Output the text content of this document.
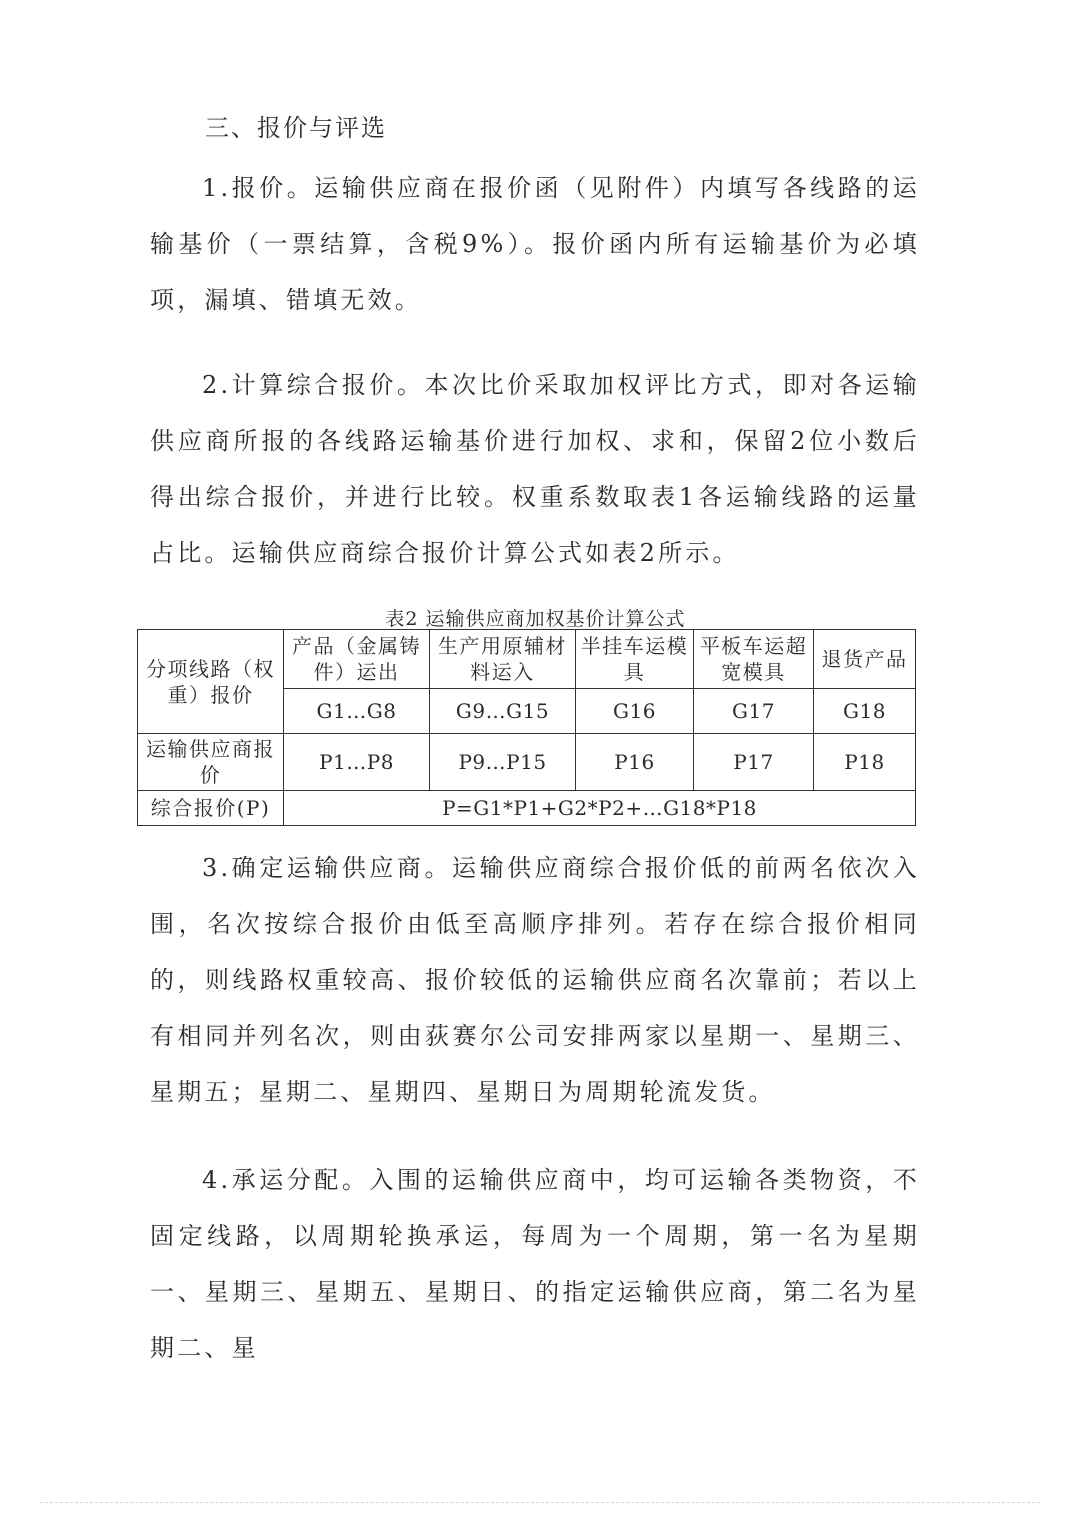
三、报价与评选

1.报价。运输供应商在报价函（见附件）内填写各线路的运输基价（一票结算，含税9%）。报价函内所有运输基价为必填项，漏填、错填无效。

2.计算综合报价。本次比价采取加权评比方式，即对各运输供应商所报的各线路运输基价进行加权、求和，保留2位小数后得出综合报价，并进行比较。权重系数取表1各运输线路的运量占比。运输供应商综合报价计算公式如表2所示。

表2 运输供应商加权基价计算公式
分项线路（权重）报价	产品（金属铸件）运出	生产用原辅材料运入	半挂车运模具	平板车运超宽模具	退货产品
	G1…G8	G9…G15	G16	G17	G18
运输供应商报价	P1…P8	P9…P15	P16	P17	P18
综合报价(P)	P=G1*P1+G2*P2+…G18*P18				

3.确定运输供应商。运输供应商综合报价低的前两名依次入围，名次按综合报价由低至高顺序排列。若存在综合报价相同的，则线路权重较高、报价较低的运输供应商名次靠前；若以上有相同并列名次，则由荻赛尔公司安排两家以星期一、星期三、星期五；星期二、星期四、星期日为周期轮流发货。

4.承运分配。入围的运输供应商中，均可运输各类物资，不固定线路，以周期轮换承运，每周为一个周期，第一名为星期一、星期三、星期五、星期日、的指定运输供应商，第二名为星期二、星
